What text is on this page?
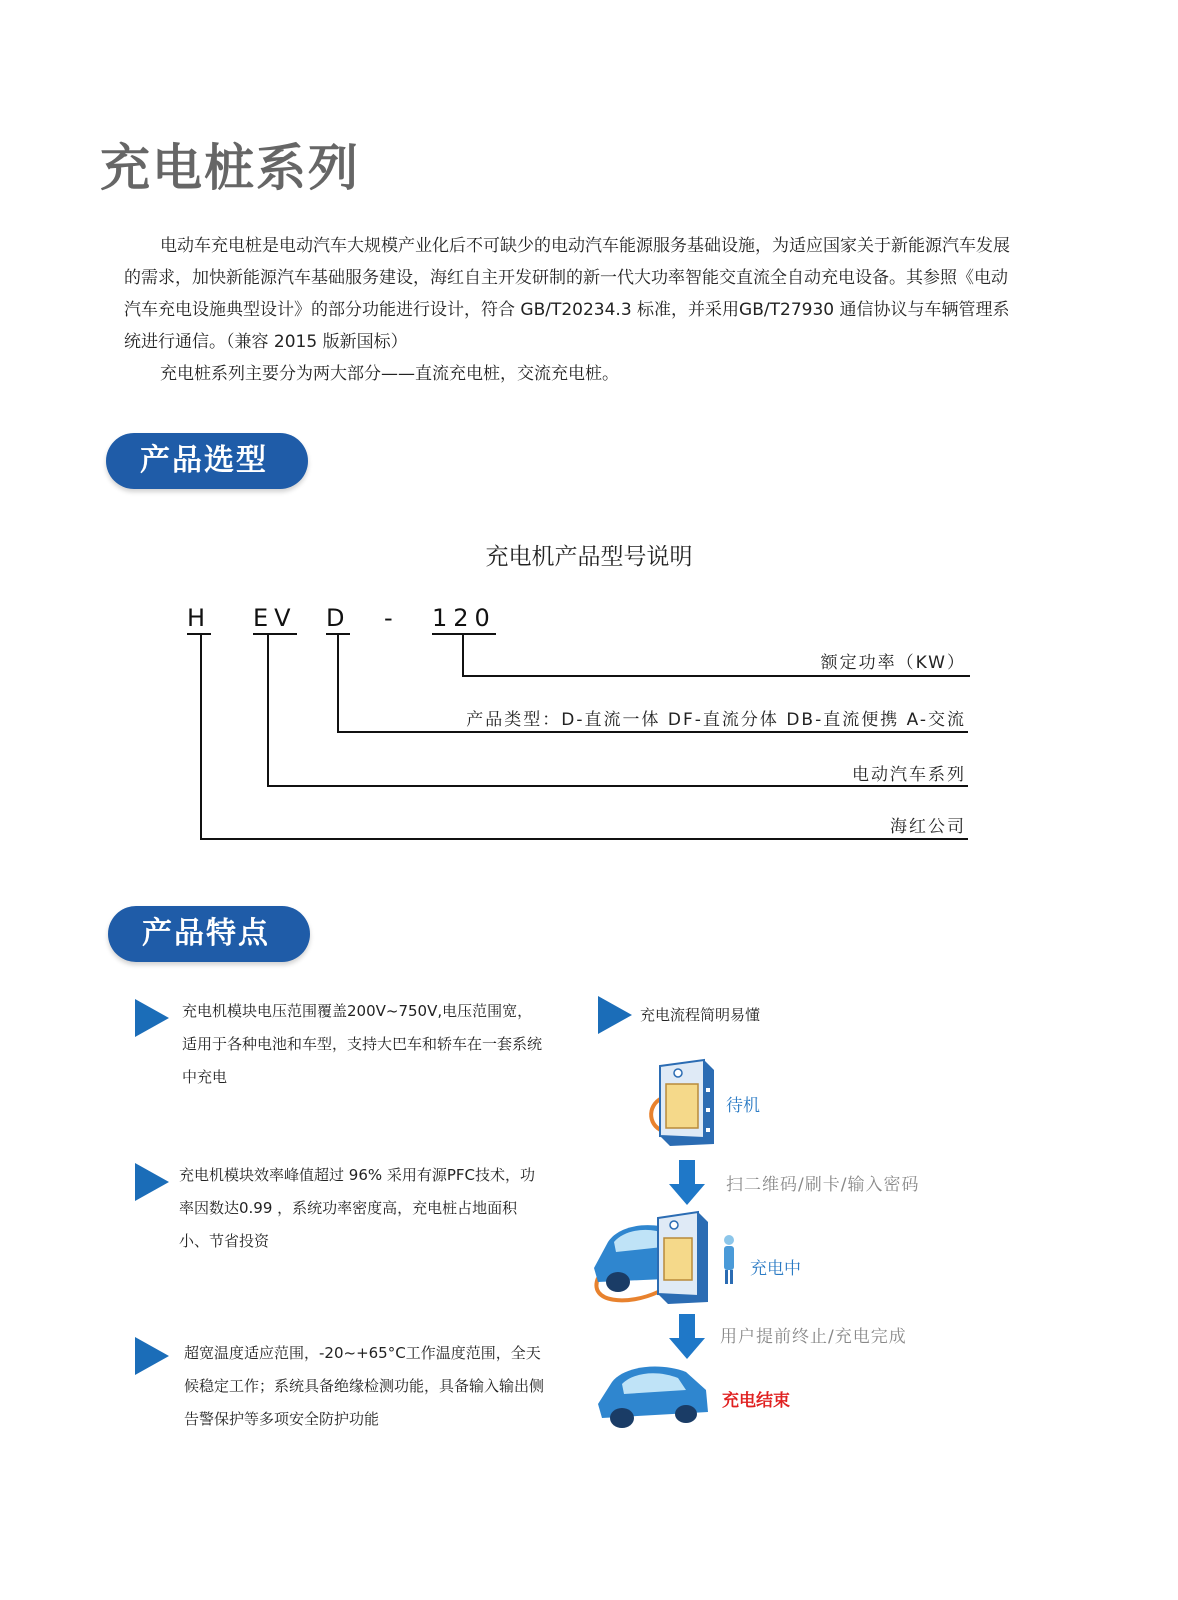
充电桩系列

电动车充电桩是电动汽车大规模产业化后不可缺少的电动汽车能源服务基础设施，为适应国家关于新能源汽车发展的需求，加快新能源汽车基础服务建设，海红自主开发研制的新一代大功率智能交直流全自动充电设备。其参照《电动汽车充电设施典型设计》的部分功能进行设计，符合 GB/T20234.3 标准，并采用GB/T27930 通信协议与车辆管理系统进行通信。（兼容 2015 版新国标）

充电桩系列主要分为两大部分——直流充电桩，交流充电桩。

产品选型
充电机产品型号说明
H EV D - 120
额定功率（KW）
产品类型：D-直流一体 DF-直流分体 DB-直流便携 A-交流
电动汽车系列
海红公司
产品特点
充电机模块电压范围覆盖200V~750V,电压范围宽，适用于各种电池和车型，支持大巴车和轿车在一套系统中充电
充电机模块效率峰值超过 96% 采用有源PFC技术，功率因数达0.99 ，系统功率密度高，充电桩占地面积小、节省投资
超宽温度适应范围，-20~+65°C工作温度范围，全天候稳定工作；系统具备绝缘检测功能，具备输入输出侧告警保护等多项安全防护功能
充电流程简明易懂
待机
扫二维码/刷卡/输入密码
充电中
用户提前终止/充电完成
充电结束
